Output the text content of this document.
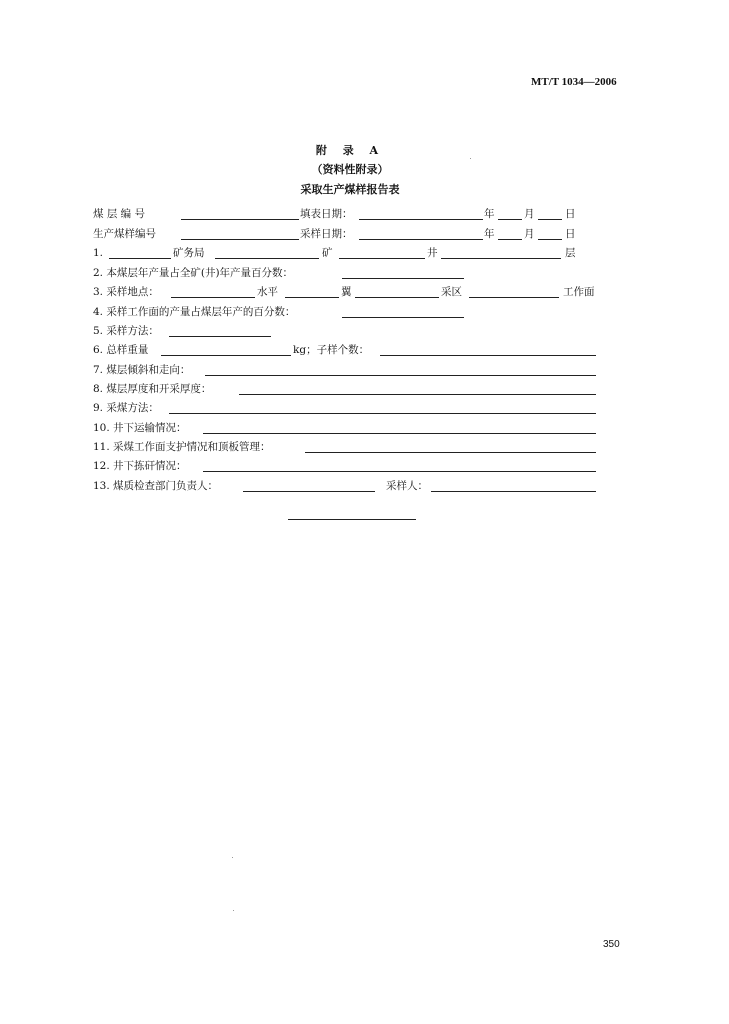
MT/T 1034—2006
附 录 A
（资料性附录）
采取生产煤样报告表
煤 层 编 号	填表日期：	年	月	日
生产煤样编号	采样日期：	年	月	日
1.	矿务局	矿	井	层
2. 本煤层年产量占全矿(井)年产量百分数：
3. 采样地点：	水平	翼	采区	工作面
4. 采样工作面的产量占煤层年产的百分数：
5. 采样方法：
6. 总样重量	kg；子样个数：
7. 煤层倾斜和走向：
8. 煤层厚度和开采厚度：
9. 采煤方法：
10. 井下运输情况：
11. 采煤工作面支护情况和顶板管理：
12. 井下拣矸情况：
13. 煤质检查部门负责人：	采样人：
350
